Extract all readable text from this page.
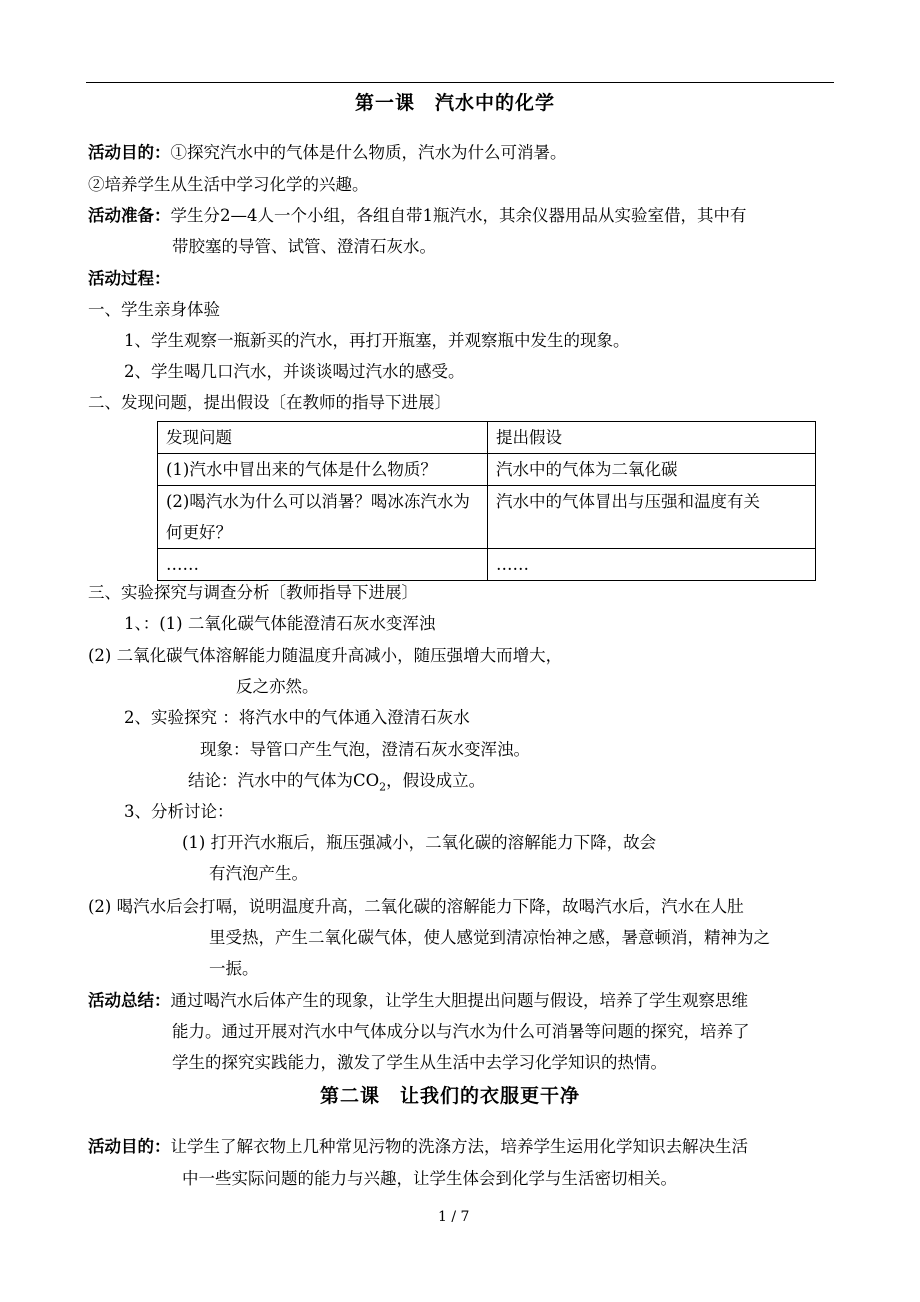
第一课　汽水中的化学
活动目的：①探究汽水中的气体是什么物质，汽水为什么可消暑。
②培养学生从生活中学习化学的兴趣。
活动准备：学生分2—4人一个小组，各组自带1瓶汽水，其余仪器用品从实验室借，其中有
带胶塞的导管、试管、澄清石灰水。
活动过程：
一、学生亲身体验
1、学生观察一瓶新买的汽水，再打开瓶塞，并观察瓶中发生的现象。
2、学生喝几口汽水，并谈谈喝过汽水的感受。
二、发现问题，提出假设〔在教师的指导下进展〕
发现问题	提出假设
(1)汽水中冒出来的气体是什么物质？	汽水中的气体为二氧化碳
(2)喝汽水为什么可以消暑？喝冰冻汽水为何更好？	汽水中的气体冒出与压强和温度有关
……	……
三、实验探究与调查分析〔教师指导下进展〕
1、：(1) 二氧化碳气体能澄清石灰水变浑浊
(2) 二氧化碳气体溶解能力随温度升高减小，随压强增大而增大，
反之亦然。
2、实验探究 ：将汽水中的气体通入澄清石灰水
现象：导管口产生气泡，澄清石灰水变浑浊。
结论：汽水中的气体为$CO_2$，假设成立。
3、分析讨论：
(1) 打开汽水瓶后，瓶压强减小，二氧化碳的溶解能力下降，故会
有汽泡产生。
(2) 喝汽水后会打嗝，说明温度升高，二氧化碳的溶解能力下降，故喝汽水后，汽水在人肚
里受热，产生二氧化碳气体，使人感觉到清凉怡神之感，暑意顿消，精神为之
一振。
活动总结：通过喝汽水后体产生的现象，让学生大胆提出问题与假设，培养了学生观察思维
能力。通过开展对汽水中气体成分以与汽水为什么可消暑等问题的探究，培养了
学生的探究实践能力，激发了学生从生活中去学习化学知识的热情。
第二课　让我们的衣服更干净
活动目的：让学生了解衣物上几种常见污物的洗涤方法，培养学生运用化学知识去解决生活
中一些实际问题的能力与兴趣，让学生体会到化学与生活密切相关。
1 / 7
